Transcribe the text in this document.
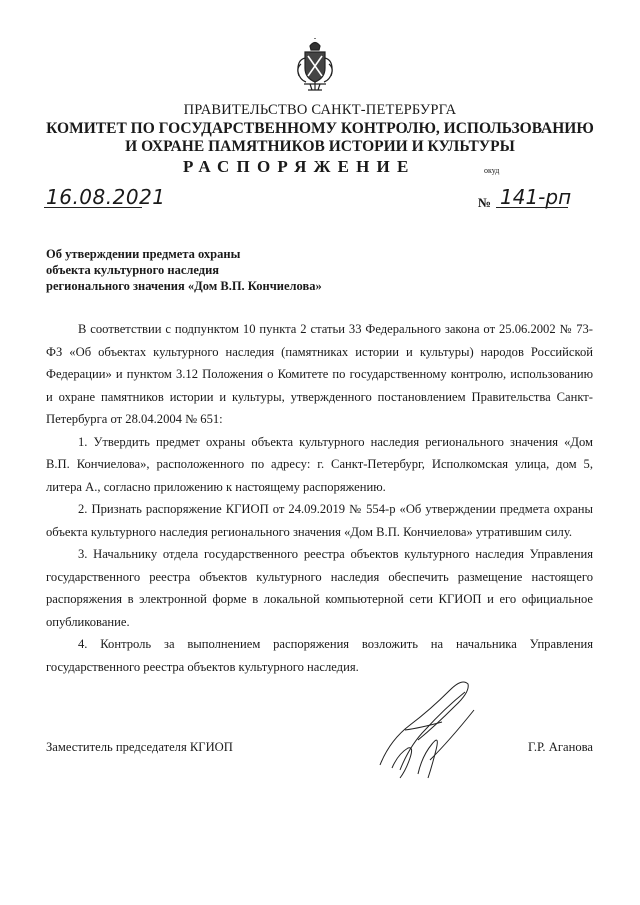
ПРАВИТЕЛЬСТВО САНКТ-ПЕТЕРБУРГА
КОМИТЕТ ПО ГОСУДАРСТВЕННОМУ КОНТРОЛЮ, ИСПОЛЬЗОВАНИЮ
И ОХРАНЕ ПАМЯТНИКОВ ИСТОРИИ И КУЛЬТУРЫ
РАСПОРЯЖЕНИЕ	окуд
16.08.2021	№ 141-рп
Об утверждении предмета охраны
объекта культурного наследия
регионального значения «Дом В.П. Кончиелова»

В соответствии с подпунктом 10 пункта 2 статьи 33 Федерального закона от 25.06.2002 № 73-ФЗ «Об объектах культурного наследия (памятниках истории и культуры) народов Российской Федерации» и пунктом 3.12 Положения о Комитете по государственному контролю, использованию и охране памятников истории и культуры, утвержденного постановлением Правительства Санкт-Петербурга от 28.04.2004 № 651:

1. Утвердить предмет охраны объекта культурного наследия регионального значения «Дом В.П. Кончиелова», расположенного по адресу: г. Санкт-Петербург, Исполкомская улица, дом 5, литера А., согласно приложению к настоящему распоряжению.

2. Признать распоряжение КГИОП от 24.09.2019 № 554-р «Об утверждении предмета охраны объекта культурного наследия регионального значения «Дом В.П. Кончиелова» утратившим силу.

3. Начальнику отдела государственного реестра объектов культурного наследия Управления государственного реестра объектов культурного наследия обеспечить размещение настоящего распоряжения в электронной форме в локальной компьютерной сети КГИОП и его официальное опубликование.

4. Контроль за выполнением распоряжения возложить на начальника Управления государственного реестра объектов культурного наследия.

Заместитель председателя КГИОП	Г.Р. Аганова
